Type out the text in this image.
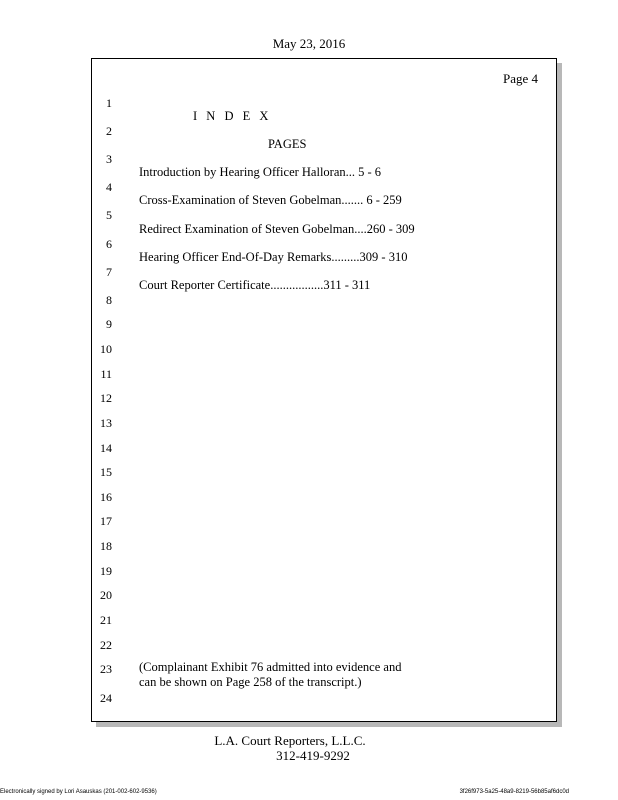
May 23, 2016
Page 4
1
2
3
4
5
6
7
8
9
10
11
12
13
14
15
16
17
18
19
20
21
22
23
24
I N D E X
PAGES
Introduction by Hearing Officer Halloran... 5 - 6
Cross-Examination of Steven Gobelman....... 6 - 259
Redirect Examination of Steven Gobelman....260 - 309
Hearing Officer End-Of-Day Remarks.........309 - 310
Court Reporter Certificate.................311 - 311
(Complainant Exhibit 76 admitted into evidence and
can be shown on Page 258 of the transcript.)
L.A. Court Reporters, L.L.C.
312-419-9292
Electronically signed by Lori Asauskas (201-002-602-9536)	3f26f973-5a25-48a9-8219-56b85af6dc0d
